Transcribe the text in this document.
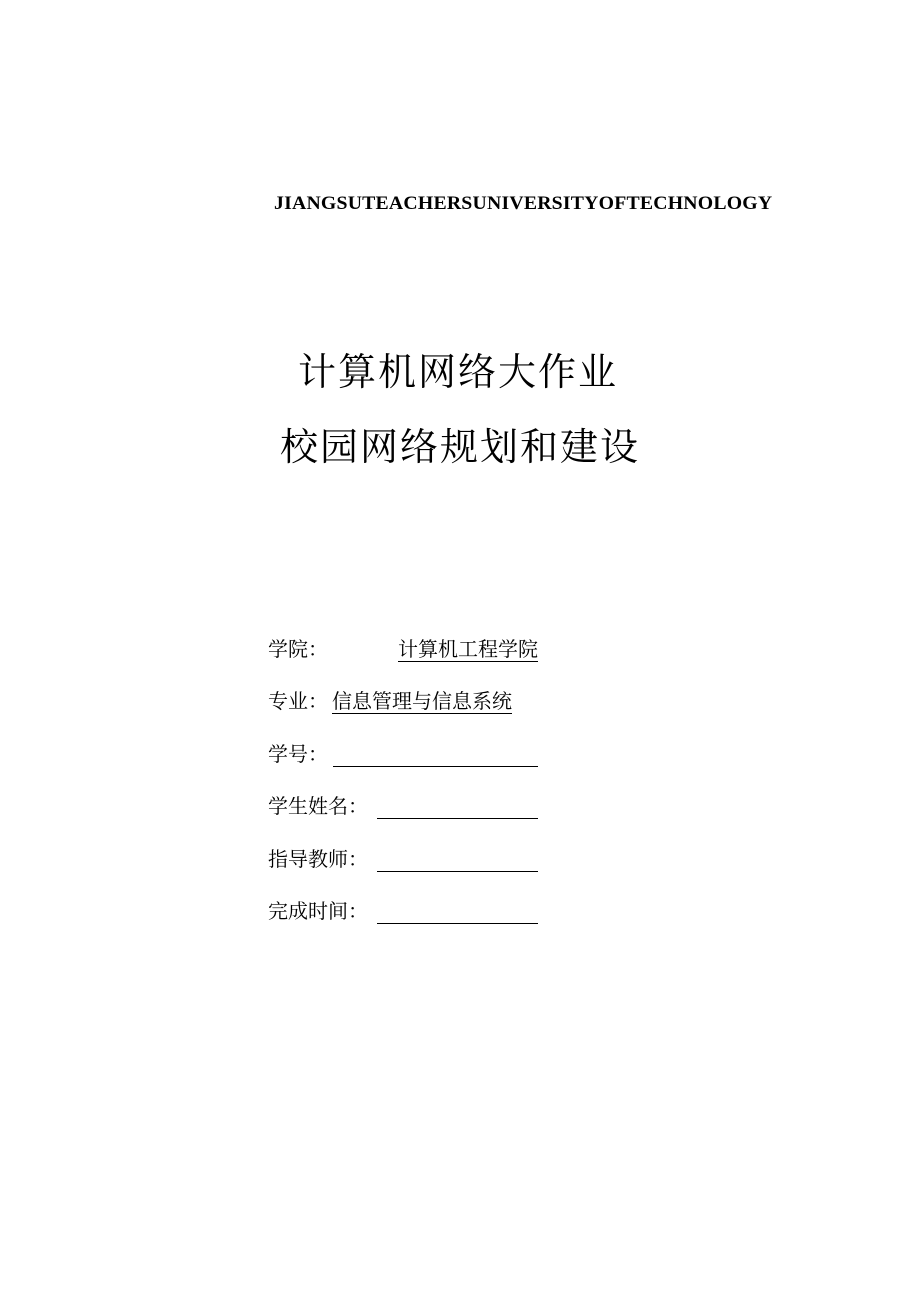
JIANGSUTEACHERSUNIVERSITYOFTECHNOLOGY
计算机网络大作业
校园网络规划和建设
学院：	计算机工程学院
专业： 信息管理与信息系统
学号：
学生姓名：
指导教师：
完成时间：
